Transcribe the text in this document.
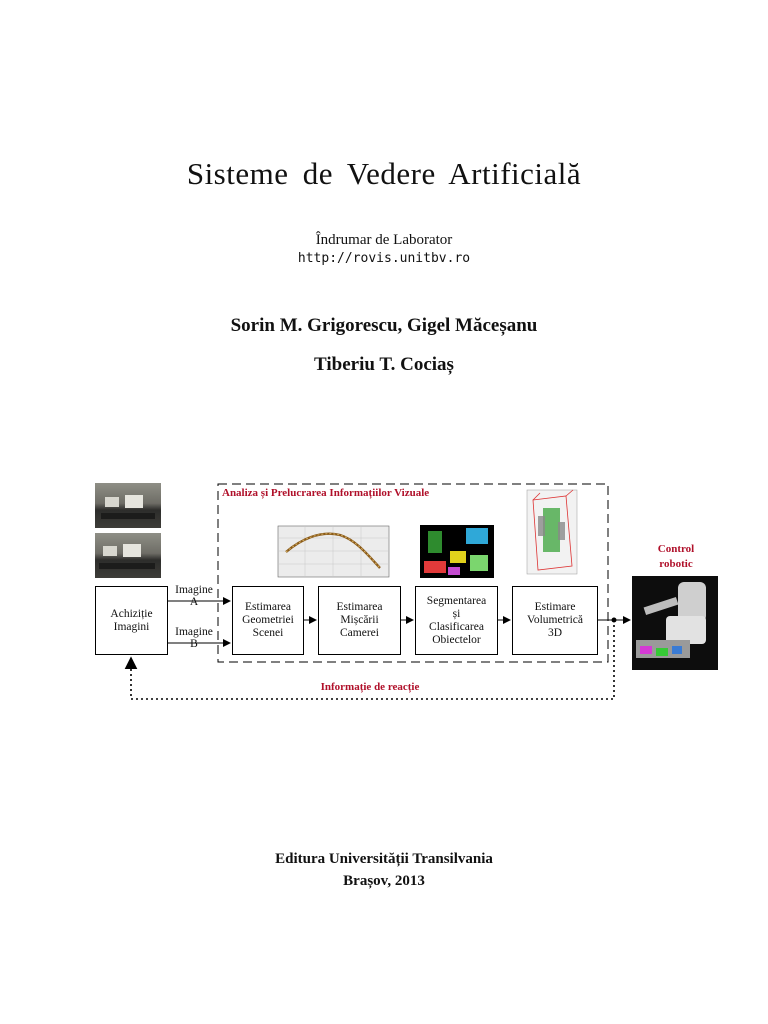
Sisteme de Vedere Artificială
Îndrumar de Laborator
http://rovis.unitbv.ro
Sorin M. Grigorescu, Gigel Măceșanu
Tiberiu T. Cociaș
Achiziție
Imagini
Imagine
A
Imagine
B
Estimarea
Geometriei
Scenei
Estimarea
Mișcării
Camerei
Segmentarea
și
Clasificarea
Obiectelor
Estimare
Volumetrică
3D
Analiza și Prelucrarea Informațiilor Vizuale
Control
robotic
Informație de reacție
Editura Universității Transilvania
Brașov, 2013
